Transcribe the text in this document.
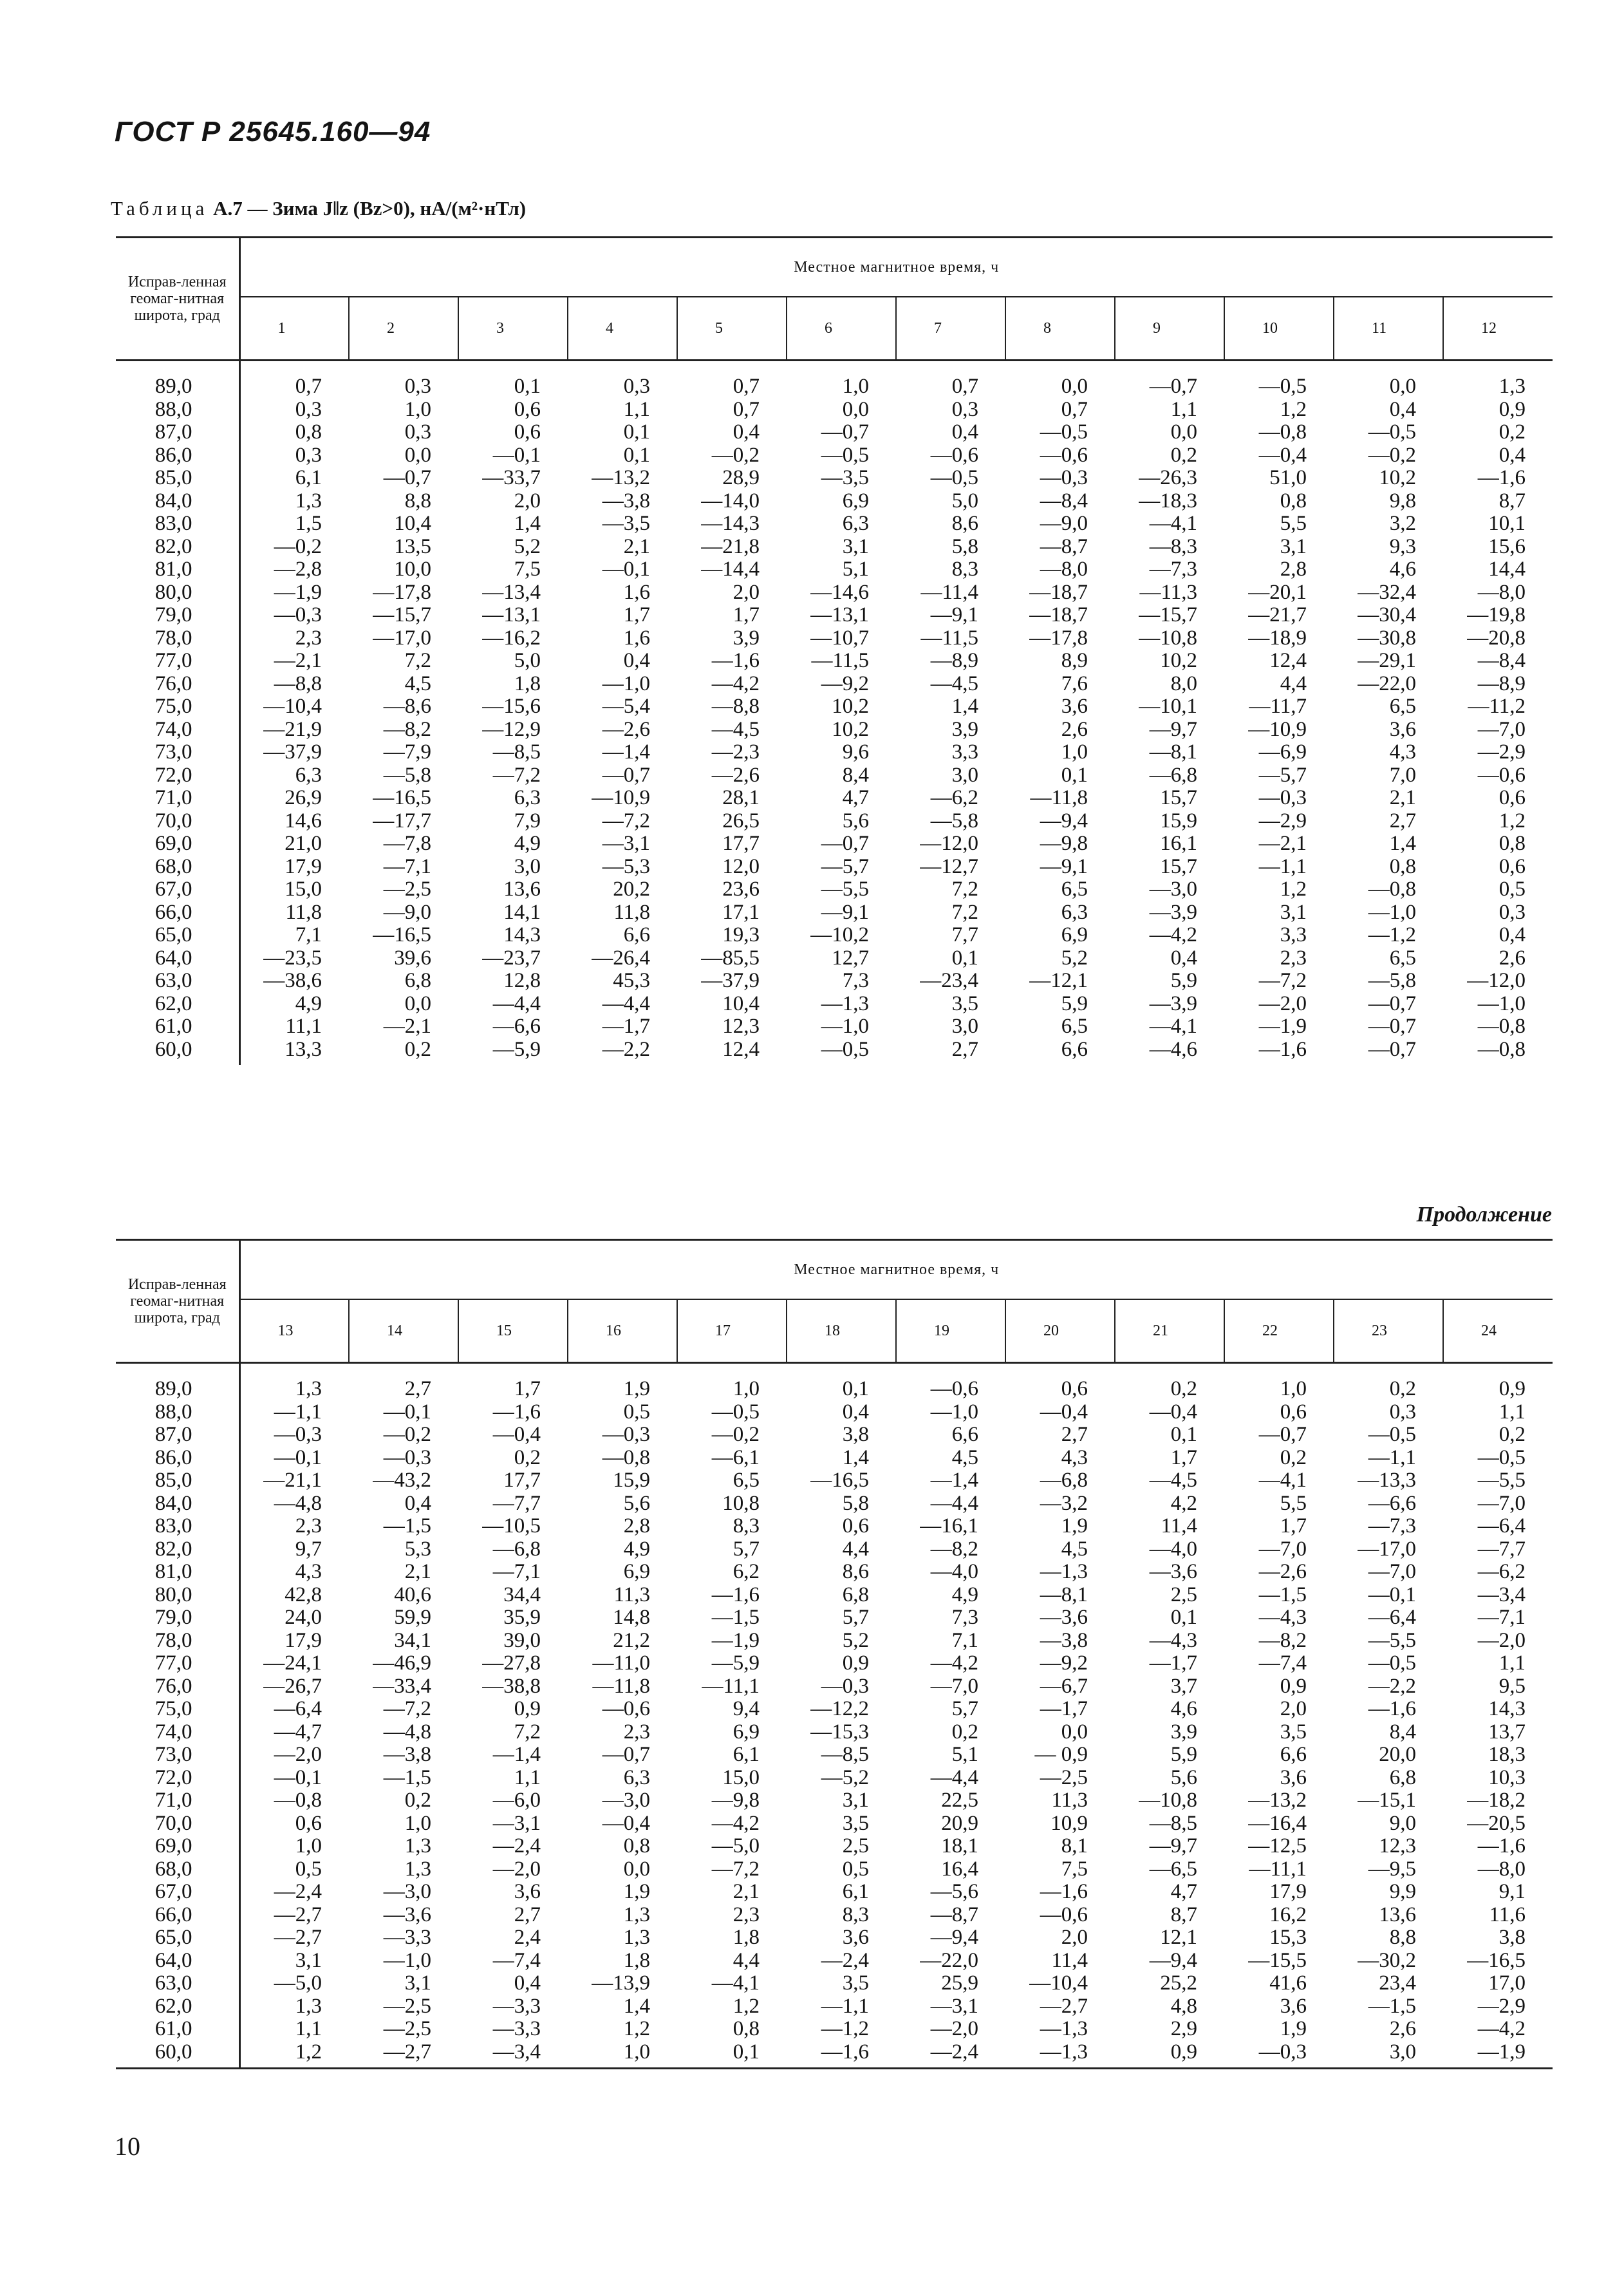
ГОСТ Р 25645.160—94
Таблица А.7 — Зима J‖z (Bz>0), нА/(м²·нТл)
Исправ-ленная геомаг-нитная широта, град	Местное магнитное время, ч											
	1	2	3	4	5	6	7	8	9	10	11	12
89,0	0,7	0,3	0,1	0,3	0,7	1,0	0,7	0,0	—0,7	—0,5	0,0	1,3
88,0	0,3	1,0	0,6	1,1	0,7	0,0	0,3	0,7	1,1	1,2	0,4	0,9
87,0	0,8	0,3	0,6	0,1	0,4	—0,7	0,4	—0,5	0,0	—0,8	—0,5	0,2
86,0	0,3	0,0	—0,1	0,1	—0,2	—0,5	—0,6	—0,6	0,2	—0,4	—0,2	0,4
85,0	6,1	—0,7	—33,7	—13,2	28,9	—3,5	—0,5	—0,3	—26,3	51,0	10,2	—1,6
84,0	1,3	8,8	2,0	—3,8	—14,0	6,9	5,0	—8,4	—18,3	0,8	9,8	8,7
83,0	1,5	10,4	1,4	—3,5	—14,3	6,3	8,6	—9,0	—4,1	5,5	3,2	10,1
82,0	—0,2	13,5	5,2	2,1	—21,8	3,1	5,8	—8,7	—8,3	3,1	9,3	15,6
81,0	—2,8	10,0	7,5	—0,1	—14,4	5,1	8,3	—8,0	—7,3	2,8	4,6	14,4
80,0	—1,9	—17,8	—13,4	1,6	2,0	—14,6	—11,4	—18,7	—11,3	—20,1	—32,4	—8,0
79,0	—0,3	—15,7	—13,1	1,7	1,7	—13,1	—9,1	—18,7	—15,7	—21,7	—30,4	—19,8
78,0	2,3	—17,0	—16,2	1,6	3,9	—10,7	—11,5	—17,8	—10,8	—18,9	—30,8	—20,8
77,0	—2,1	7,2	5,0	0,4	—1,6	—11,5	—8,9	8,9	10,2	12,4	—29,1	—8,4
76,0	—8,8	4,5	1,8	—1,0	—4,2	—9,2	—4,5	7,6	8,0	4,4	—22,0	—8,9
75,0	—10,4	—8,6	—15,6	—5,4	—8,8	10,2	1,4	3,6	—10,1	—11,7	6,5	—11,2
74,0	—21,9	—8,2	—12,9	—2,6	—4,5	10,2	3,9	2,6	—9,7	—10,9	3,6	—7,0
73,0	—37,9	—7,9	—8,5	—1,4	—2,3	9,6	3,3	1,0	—8,1	—6,9	4,3	—2,9
72,0	6,3	—5,8	—7,2	—0,7	—2,6	8,4	3,0	0,1	—6,8	—5,7	7,0	—0,6
71,0	26,9	—16,5	6,3	—10,9	28,1	4,7	—6,2	—11,8	15,7	—0,3	2,1	0,6
70,0	14,6	—17,7	7,9	—7,2	26,5	5,6	—5,8	—9,4	15,9	—2,9	2,7	1,2
69,0	21,0	—7,8	4,9	—3,1	17,7	—0,7	—12,0	—9,8	16,1	—2,1	1,4	0,8
68,0	17,9	—7,1	3,0	—5,3	12,0	—5,7	—12,7	—9,1	15,7	—1,1	0,8	0,6
67,0	15,0	—2,5	13,6	20,2	23,6	—5,5	7,2	6,5	—3,0	1,2	—0,8	0,5
66,0	11,8	—9,0	14,1	11,8	17,1	—9,1	7,2	6,3	—3,9	3,1	—1,0	0,3
65,0	7,1	—16,5	14,3	6,6	19,3	—10,2	7,7	6,9	—4,2	3,3	—1,2	0,4
64,0	—23,5	39,6	—23,7	—26,4	—85,5	12,7	0,1	5,2	0,4	2,3	6,5	2,6
63,0	—38,6	6,8	12,8	45,3	—37,9	7,3	—23,4	—12,1	5,9	—7,2	—5,8	—12,0
62,0	4,9	0,0	—4,4	—4,4	10,4	—1,3	3,5	5,9	—3,9	—2,0	—0,7	—1,0
61,0	11,1	—2,1	—6,6	—1,7	12,3	—1,0	3,0	6,5	—4,1	—1,9	—0,7	—0,8
60,0	13,3	0,2	—5,9	—2,2	12,4	—0,5	2,7	6,6	—4,6	—1,6	—0,7	—0,8
Продолжение
Исправ-ленная геомаг-нитная широта, град	Местное магнитное время, ч											
	13	14	15	16	17	18	19	20	21	22	23	24
89,0	1,3	2,7	1,7	1,9	1,0	0,1	—0,6	0,6	0,2	1,0	0,2	0,9
88,0	—1,1	—0,1	—1,6	0,5	—0,5	0,4	—1,0	—0,4	—0,4	0,6	0,3	1,1
87,0	—0,3	—0,2	—0,4	—0,3	—0,2	3,8	6,6	2,7	0,1	—0,7	—0,5	0,2
86,0	—0,1	—0,3	0,2	—0,8	—6,1	1,4	4,5	4,3	1,7	0,2	—1,1	—0,5
85,0	—21,1	—43,2	17,7	15,9	6,5	—16,5	—1,4	—6,8	—4,5	—4,1	—13,3	—5,5
84,0	—4,8	0,4	—7,7	5,6	10,8	5,8	—4,4	—3,2	4,2	5,5	—6,6	—7,0
83,0	2,3	—1,5	—10,5	2,8	8,3	0,6	—16,1	1,9	11,4	1,7	—7,3	—6,4
82,0	9,7	5,3	—6,8	4,9	5,7	4,4	—8,2	4,5	—4,0	—7,0	—17,0	—7,7
81,0	4,3	2,1	—7,1	6,9	6,2	8,6	—4,0	—1,3	—3,6	—2,6	—7,0	—6,2
80,0	42,8	40,6	34,4	11,3	—1,6	6,8	4,9	—8,1	2,5	—1,5	—0,1	—3,4
79,0	24,0	59,9	35,9	14,8	—1,5	5,7	7,3	—3,6	0,1	—4,3	—6,4	—7,1
78,0	17,9	34,1	39,0	21,2	—1,9	5,2	7,1	—3,8	—4,3	—8,2	—5,5	—2,0
77,0	—24,1	—46,9	—27,8	—11,0	—5,9	0,9	—4,2	—9,2	—1,7	—7,4	—0,5	1,1
76,0	—26,7	—33,4	—38,8	—11,8	—11,1	—0,3	—7,0	—6,7	3,7	0,9	—2,2	9,5
75,0	—6,4	—7,2	0,9	—0,6	9,4	—12,2	5,7	—1,7	4,6	2,0	—1,6	14,3
74,0	—4,7	—4,8	7,2	2,3	6,9	—15,3	0,2	0,0	3,9	3,5	8,4	13,7
73,0	—2,0	—3,8	—1,4	—0,7	6,1	—8,5	5,1	— 0,9	5,9	6,6	20,0	18,3
72,0	—0,1	—1,5	1,1	6,3	15,0	—5,2	—4,4	—2,5	5,6	3,6	6,8	10,3
71,0	—0,8	0,2	—6,0	—3,0	—9,8	3,1	22,5	11,3	—10,8	—13,2	—15,1	—18,2
70,0	0,6	1,0	—3,1	—0,4	—4,2	3,5	20,9	10,9	—8,5	—16,4	9,0	—20,5
69,0	1,0	1,3	—2,4	0,8	—5,0	2,5	18,1	8,1	—9,7	—12,5	12,3	—1,6
68,0	0,5	1,3	—2,0	0,0	—7,2	0,5	16,4	7,5	—6,5	—11,1	—9,5	—8,0
67,0	—2,4	—3,0	3,6	1,9	2,1	6,1	—5,6	—1,6	4,7	17,9	9,9	9,1
66,0	—2,7	—3,6	2,7	1,3	2,3	8,3	—8,7	—0,6	8,7	16,2	13,6	11,6
65,0	—2,7	—3,3	2,4	1,3	1,8	3,6	—9,4	2,0	12,1	15,3	8,8	3,8
64,0	3,1	—1,0	—7,4	1,8	4,4	—2,4	—22,0	11,4	—9,4	—15,5	—30,2	—16,5
63,0	—5,0	3,1	0,4	—13,9	—4,1	3,5	25,9	—10,4	25,2	41,6	23,4	17,0
62,0	1,3	—2,5	—3,3	1,4	1,2	—1,1	—3,1	—2,7	4,8	3,6	—1,5	—2,9
61,0	1,1	—2,5	—3,3	1,2	0,8	—1,2	—2,0	—1,3	2,9	1,9	2,6	—4,2
60,0	1,2	—2,7	—3,4	1,0	0,1	—1,6	—2,4	—1,3	0,9	—0,3	3,0	—1,9
10
